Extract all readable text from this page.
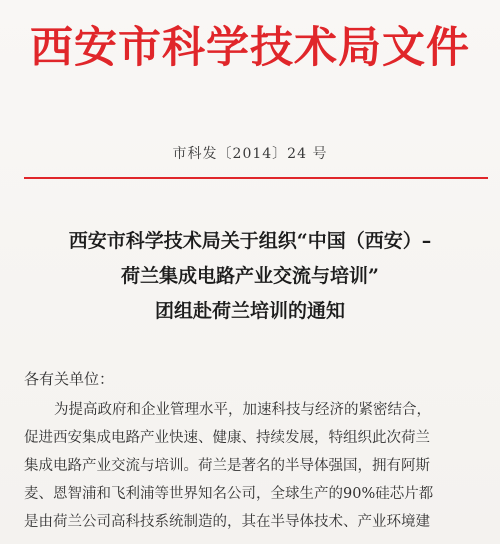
西安市科学技术局文件
市科发〔2014〕24 号
西安市科学技术局关于组织“中国（西安）–
荷兰集成电路产业交流与培训”
团组赴荷兰培训的通知
各有关单位：
为提高政府和企业管理水平，加速科技与经济的紧密结合，
促进西安集成电路产业快速、健康、持续发展，特组织此次荷兰
集成电路产业交流与培训。荷兰是著名的半导体强国，拥有阿斯
麦、恩智浦和飞利浦等世界知名公司，全球生产的90%硅芯片都
是由荷兰公司高科技系统制造的，其在半导体技术、产业环境建
